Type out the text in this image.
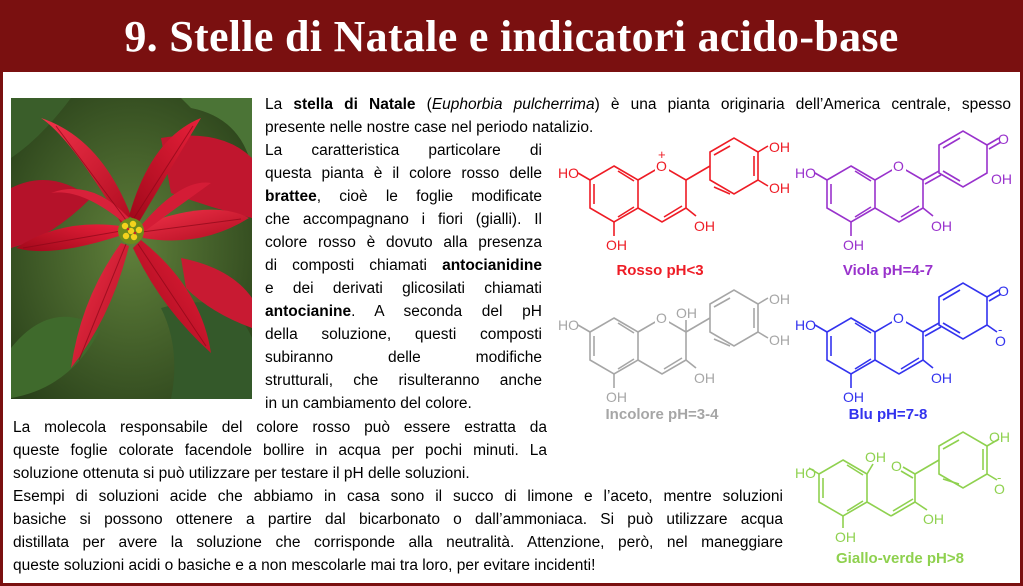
9. Stelle di Natale e indicatori acido-base

La stella di Natale (Euphorbia pulcherrima) è una pianta originaria dell’America centrale, spesso

presente nelle nostre case nel periodo natalizio.

La caratteristica particolare di

questa pianta è il colore rosso delle

brattee, cioè le foglie modificate

che accompagnano i fiori (gialli). Il

colore rosso è dovuto alla presenza

di composti chiamati antocianidine

e dei derivati glicosilati chiamati

antocianine. A seconda del pH

della soluzione, questi composti

subiranno delle modifiche

strutturali, che risulteranno anche

in un cambiamento del colore.

La molecola responsabile del colore rosso può essere estratta da

queste foglie colorate facendole bollire in acqua per pochi minuti. La

soluzione ottenuta si può utilizzare per testare il pH delle soluzioni.

Esempi di soluzioni acide che abbiamo in casa sono il succo di limone e l’aceto, mentre soluzioni

basiche si possono ottenere a partire dal bicarbonato o dall’ammoniaca. Si può utilizzare acqua

distillata per avere la soluzione che corrisponde alla neutralità. Attenzione, però, nel maneggiare

queste soluzioni acidi o basiche e a non mescolarle mai tra loro, per evitare incidenti!

O
+
HO
OH
OH
OH
OH
Rosso pH<3
O
HO
OH
OH
O
OH
Viola pH=4-7
O OH
HO
OH
OH
OH
OH
Incolore pH=3-4
O
HO
OH
OH
O
O
-
Blu pH=7-8
HO
OH
OH
O
OH
OH
O
-
Giallo-verde pH>8
